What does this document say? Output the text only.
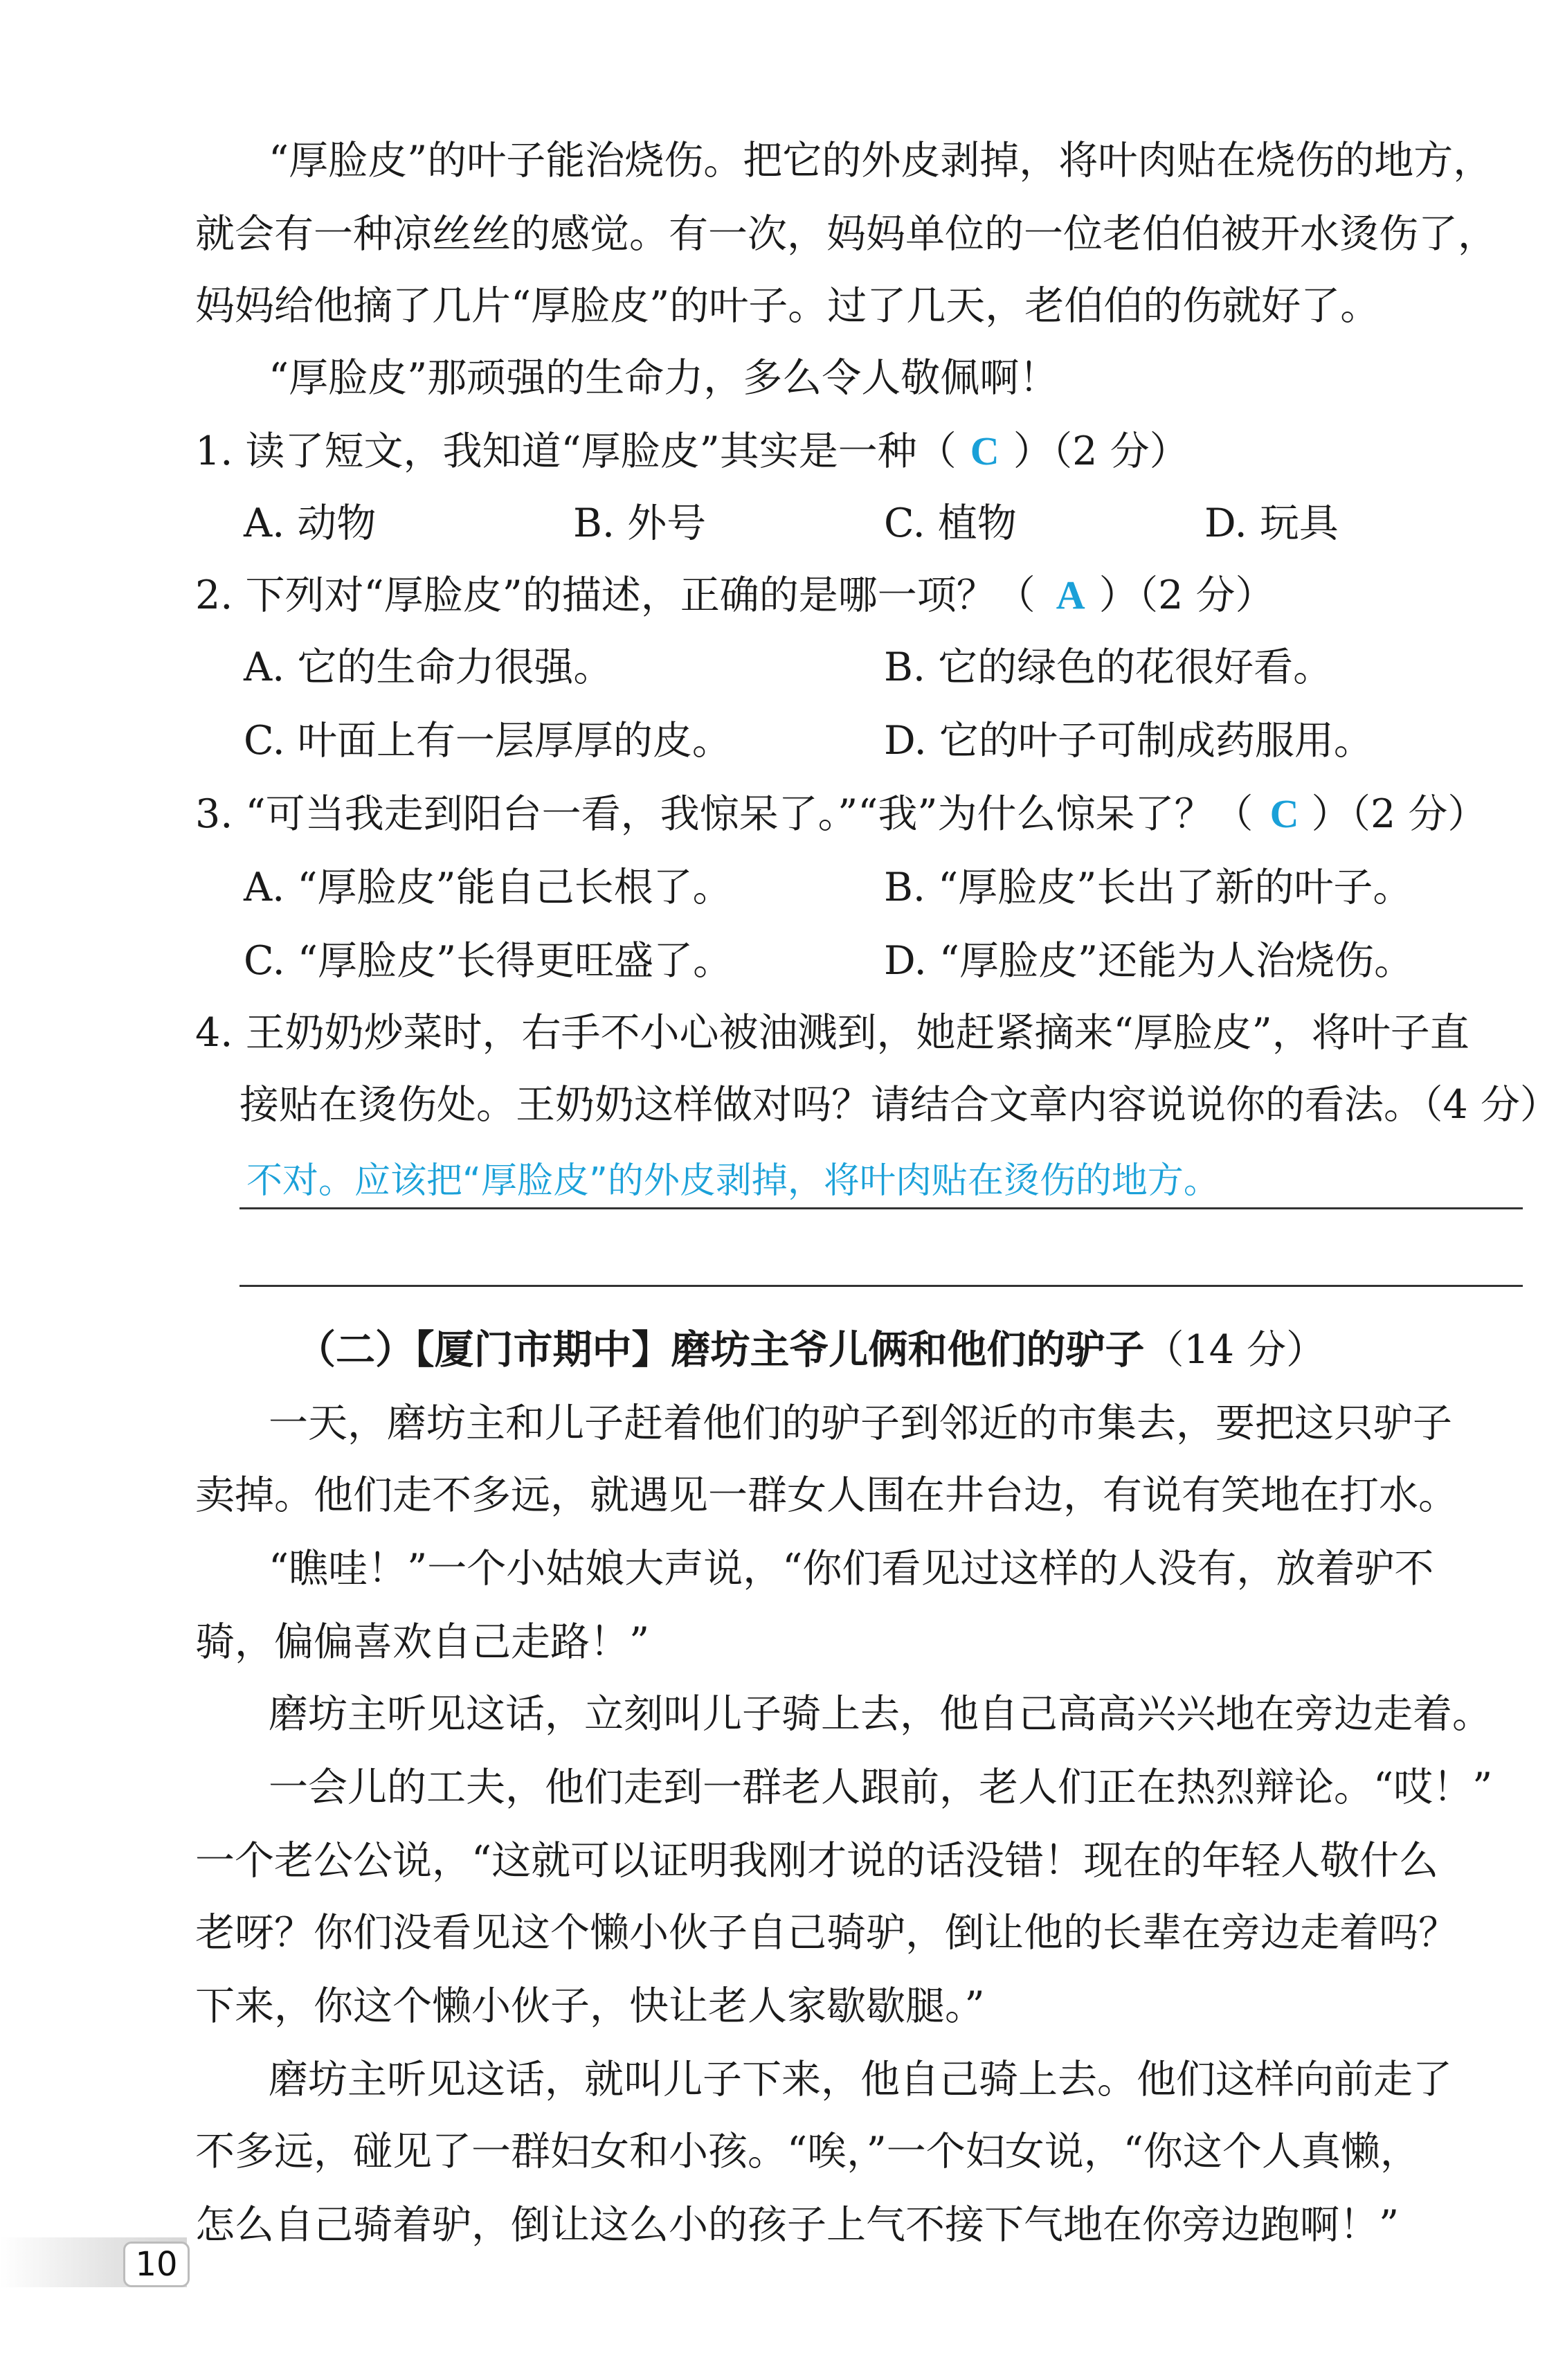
“厚脸皮”的叶子能治烧伤。把它的外皮剥掉，将叶肉贴在烧伤的地方，
就会有一种凉丝丝的感觉。有一次，妈妈单位的一位老伯伯被开水烫伤了，
妈妈给他摘了几片“厚脸皮”的叶子。过了几天，老伯伯的伤就好了。
“厚脸皮”那顽强的生命力，多么令人敬佩啊！
1. 读了短文，我知道“厚脸皮”其实是一种（ C ）（2 分）
A. 动物	B. 外号	C. 植物	D. 玩具
2. 下列对“厚脸皮”的描述，正确的是哪一项？（ A ）（2 分）
A. 它的生命力很强。	B. 它的绿色的花很好看。
C. 叶面上有一层厚厚的皮。	D. 它的叶子可制成药服用。
3. “可当我走到阳台一看，我惊呆了。”“我”为什么惊呆了？（ C ）（2 分）
A. “厚脸皮”能自己长根了。	B. “厚脸皮”长出了新的叶子。
C. “厚脸皮”长得更旺盛了。	D. “厚脸皮”还能为人治烧伤。
4. 王奶奶炒菜时，右手不小心被油溅到，她赶紧摘来“厚脸皮”，将叶子直
接贴在烫伤处。王奶奶这样做对吗？请结合文章内容说说你的看法。（4 分）
不对。应该把“厚脸皮”的外皮剥掉，将叶肉贴在烫伤的地方。
（二）【厦门市期中】磨坊主爷儿俩和他们的驴子（14 分）
一天，磨坊主和儿子赶着他们的驴子到邻近的市集去，要把这只驴子
卖掉。他们走不多远，就遇见一群女人围在井台边，有说有笑地在打水。
“瞧哇！”一个小姑娘大声说，“你们看见过这样的人没有，放着驴不
骑，偏偏喜欢自己走路！”
磨坊主听见这话，立刻叫儿子骑上去，他自己高高兴兴地在旁边走着。
一会儿的工夫，他们走到一群老人跟前，老人们正在热烈辩论。“哎！”
一个老公公说，“这就可以证明我刚才说的话没错！现在的年轻人敬什么
老呀？你们没看见这个懒小伙子自己骑驴，倒让他的长辈在旁边走着吗？
下来，你这个懒小伙子，快让老人家歇歇腿。”
磨坊主听见这话，就叫儿子下来，他自己骑上去。他们这样向前走了
不多远，碰见了一群妇女和小孩。“唉，”一个妇女说，“你这个人真懒，
怎么自己骑着驴，倒让这么小的孩子上气不接下气地在你旁边跑啊！”
10
